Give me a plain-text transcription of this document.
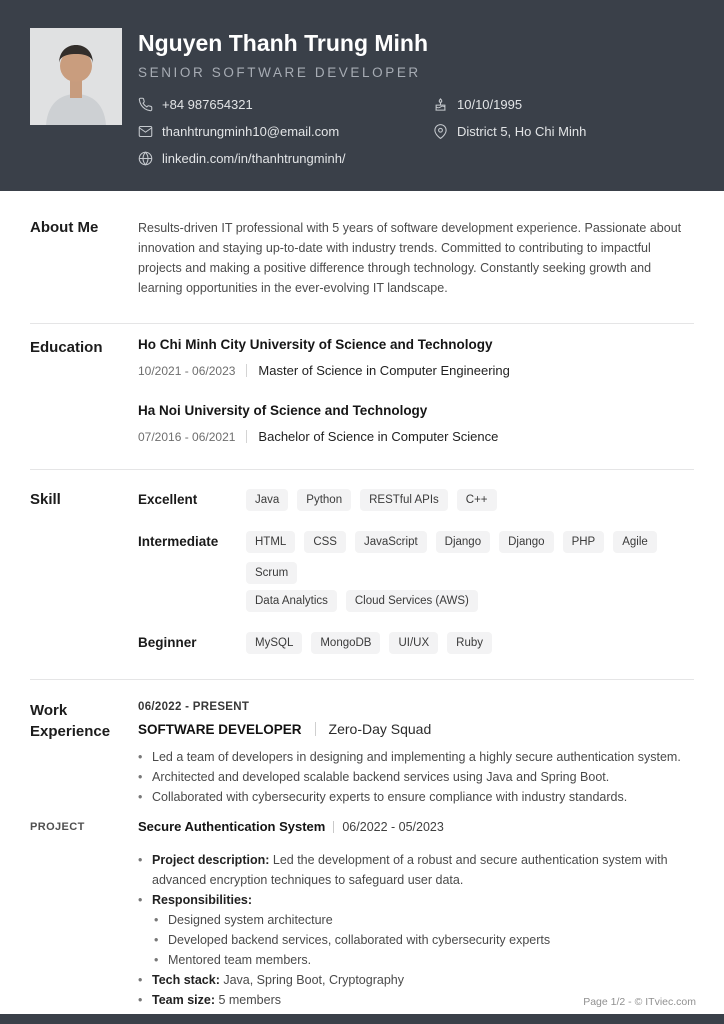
Nguyen Thanh Trung Minh
SENIOR SOFTWARE DEVELOPER
+84 987654321	10/10/1995
thanhtrungminh10@email.com	District 5, Ho Chi Minh
linkedin.com/in/thanhtrungminh/
About Me	Results-driven IT professional with 5 years of software development experience. Passionate about innovation and staying up-to-date with industry trends. Committed to contributing to impactful projects and making a positive difference through technology. Constantly seeking growth and learning opportunities in the ever-evolving IT landscape.

Education	Ho Chi Minh City University of Science and Technology
10/2021 - 06/2023 Master of Science in Computer Engineering
Ha Noi University of Science and Technology
07/2016 - 06/2021 Bachelor of Science in Computer Science
Skill	Excellent	Java	Python	RESTful APIs	C++
Intermediate	HTML	CSS	JavaScript	Django	Django	PHP	Agile
Scrum
Data Analytics	Cloud Services (AWS)
Beginner	MySQL	MongoDB	UI/UX	Ruby
Work Experience
06/2022 - PRESENT
SOFTWARE DEVELOPER Zero-Day Squad
• Led a team of developers in designing and implementing a highly secure authentication system.
• Architected and developed scalable backend services using Java and Spring Boot.
• Collaborated with cybersecurity experts to ensure compliance with industry standards.
PROJECT	Secure Authentication System 06/2022 - 05/2023
• Project description: Led the development of a robust and secure authentication system with advanced encryption techniques to safeguard user data.
• Responsibilities:
• Designed system architecture
• Developed backend services, collaborated with cybersecurity experts
• Mentored team members.
• Tech stack: Java, Spring Boot, Cryptography
• Team size: 5 members	Page 1/2 - © ITviec.com
